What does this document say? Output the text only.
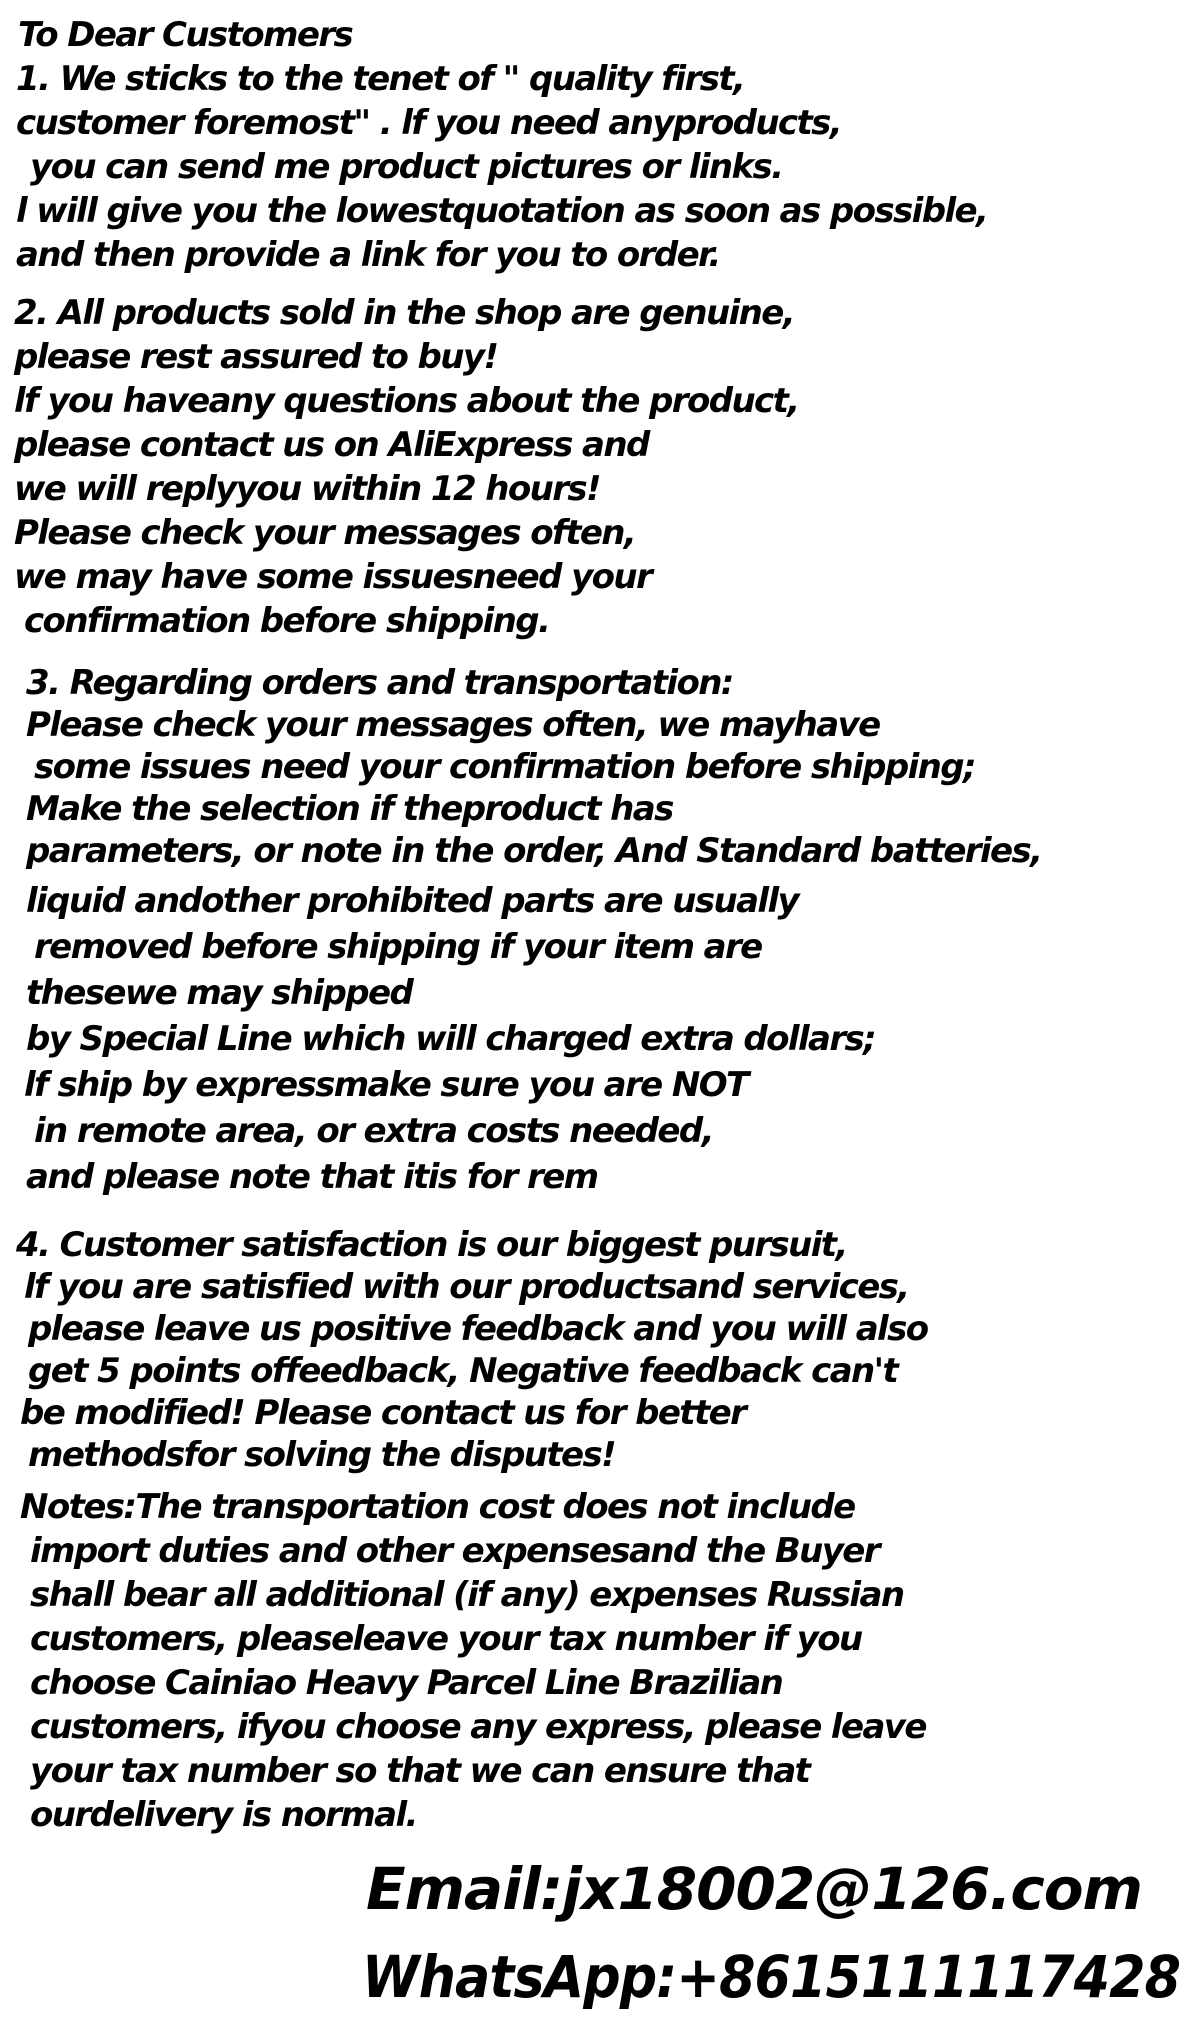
To Dear Customers
1. We sticks to the tenet of " quality first,
customer foremost" . lf you need anyproducts,
you can send me product pictures or links.
l will give you the lowestquotation as soon as possible,
and then provide a link for you to order.
2. All products sold in the shop are genuine,
please rest assured to buy!
lf you haveany questions about the product,
please contact us on AliExpress and
we will replyyou within 12 hours!
Please check your messages often,
we may have some issuesneed your
confirmation before shipping.
3. Regarding orders and transportation:
Please check your messages often, we mayhave
some issues need your confirmation before shipping;
Make the selection if theproduct has
parameters, or note in the order, And Standard batteries,
liquid andother prohibited parts are usually
removed before shipping if your item are
thesewe may shipped
by Special Line which will charged extra dollars;
lf ship by expressmake sure you are NOT
in remote area, or extra costs needed,
and please note that itis for rem
4. Customer satisfaction is our biggest pursuit,
lf you are satisfied with our productsand services,
please leave us positive feedback and you will also
get 5 points offeedback, Negative feedback can't
be modified! Please contact us for better
methodsfor solving the disputes!
Notes:The transportation cost does not include
import duties and other expensesand the Buyer
shall bear all additional (if any) expenses Russian
customers, pleaseleave your tax number if you
choose Cainiao Heavy Parcel Line Brazilian
customers, ifyou choose any express, please leave
your tax number so that we can ensure that
ourdelivery is normal.
Email:jx18002@126.com
WhatsApp:+8615111117428
